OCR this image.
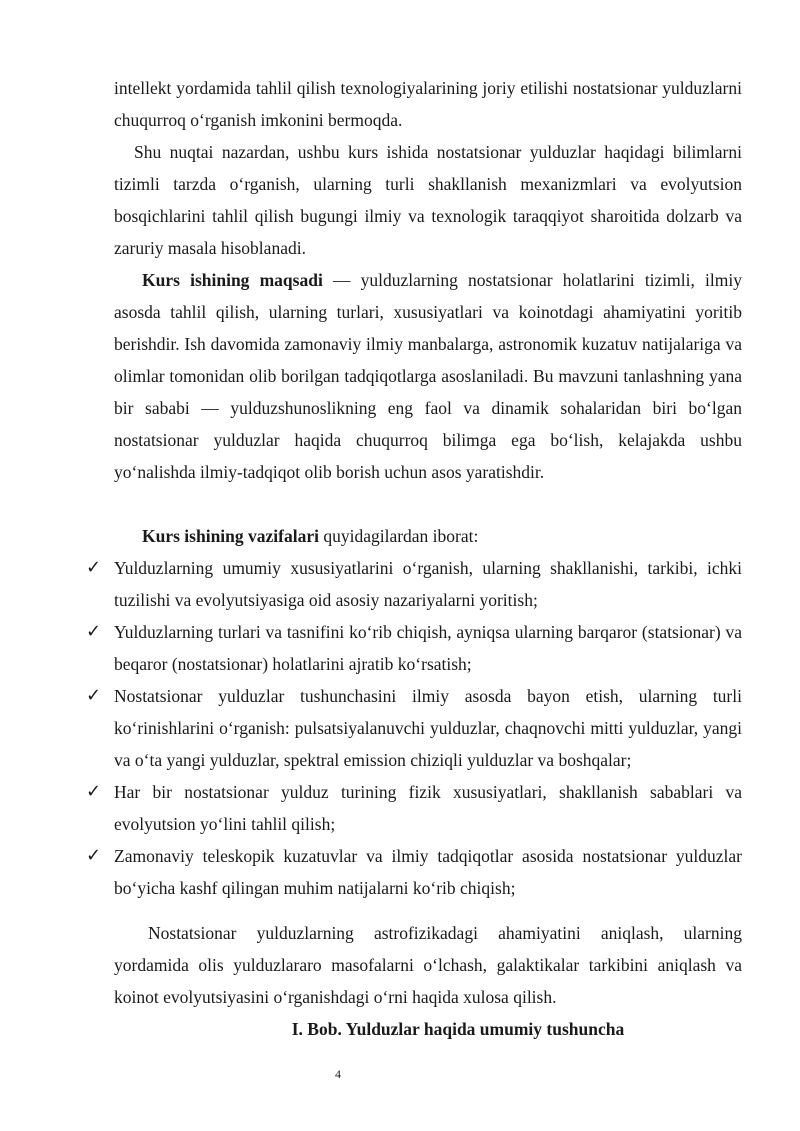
intellekt yordamida tahlil qilish texnologiyalarining joriy etilishi nostatsionar yulduzlarni chuqurroq o‘rganish imkonini bermoqda.

Shu nuqtai nazardan, ushbu kurs ishida nostatsionar yulduzlar haqidagi bilimlarni tizimli tarzda o‘rganish, ularning turli shakllanish mexanizmlari va evolyutsion bosqichlarini tahlil qilish bugungi ilmiy va texnologik taraqqiyot sharoitida dolzarb va zaruriy masala hisoblanadi.

Kurs ishining maqsadi — yulduzlarning nostatsionar holatlarini tizimli, ilmiy asosda tahlil qilish, ularning turlari, xususiyatlari va koinotdagi ahamiyatini yoritib berishdir. Ish davomida zamonaviy ilmiy manbalarga, astronomik kuzatuv natijalariga va olimlar tomonidan olib borilgan tadqiqotlarga asoslaniladi. Bu mavzuni tanlashning yana bir sababi — yulduzshunoslikning eng faol va dinamik sohalaridan biri bo‘lgan nostatsionar yulduzlar haqida chuqurroq bilimga ega bo‘lish, kelajakda ushbu yo‘nalishda ilmiy-tadqiqot olib borish uchun asos yaratishdir.

Kurs ishining vazifalari quyidagilardan iborat:

✓ Yulduzlarning umumiy xususiyatlarini o‘rganish, ularning shakllanishi, tarkibi, ichki tuzilishi va evolyutsiyasiga oid asosiy nazariyalarni yoritish;

✓ Yulduzlarning turlari va tasnifini ko‘rib chiqish, ayniqsa ularning barqaror (statsionar) va beqaror (nostatsionar) holatlarini ajratib ko‘rsatish;

✓ Nostatsionar yulduzlar tushunchasini ilmiy asosda bayon etish, ularning turli ko‘rinishlarini o‘rganish: pulsatsiyalanuvchi yulduzlar, chaqnovchi mitti yulduzlar, yangi va o‘ta yangi yulduzlar, spektral emission chiziqli yulduzlar va boshqalar;

✓ Har bir nostatsionar yulduz turining fizik xususiyatlari, shakllanish sabablari va evolyutsion yo‘lini tahlil qilish;

✓ Zamonaviy teleskopik kuzatuvlar va ilmiy tadqiqotlar asosida nostatsionar yulduzlar bo‘yicha kashf qilingan muhim natijalarni ko‘rib chiqish;

Nostatsionar yulduzlarning astrofizikadagi ahamiyatini aniqlash, ularning yordamida olis yulduzlararo masofalarni o‘lchash, galaktikalar tarkibini aniqlash va koinot evolyutsiyasini o‘rganishdagi o‘rni haqida xulosa qilish.

I. Bob. Yulduzlar haqida umumiy tushuncha

4
